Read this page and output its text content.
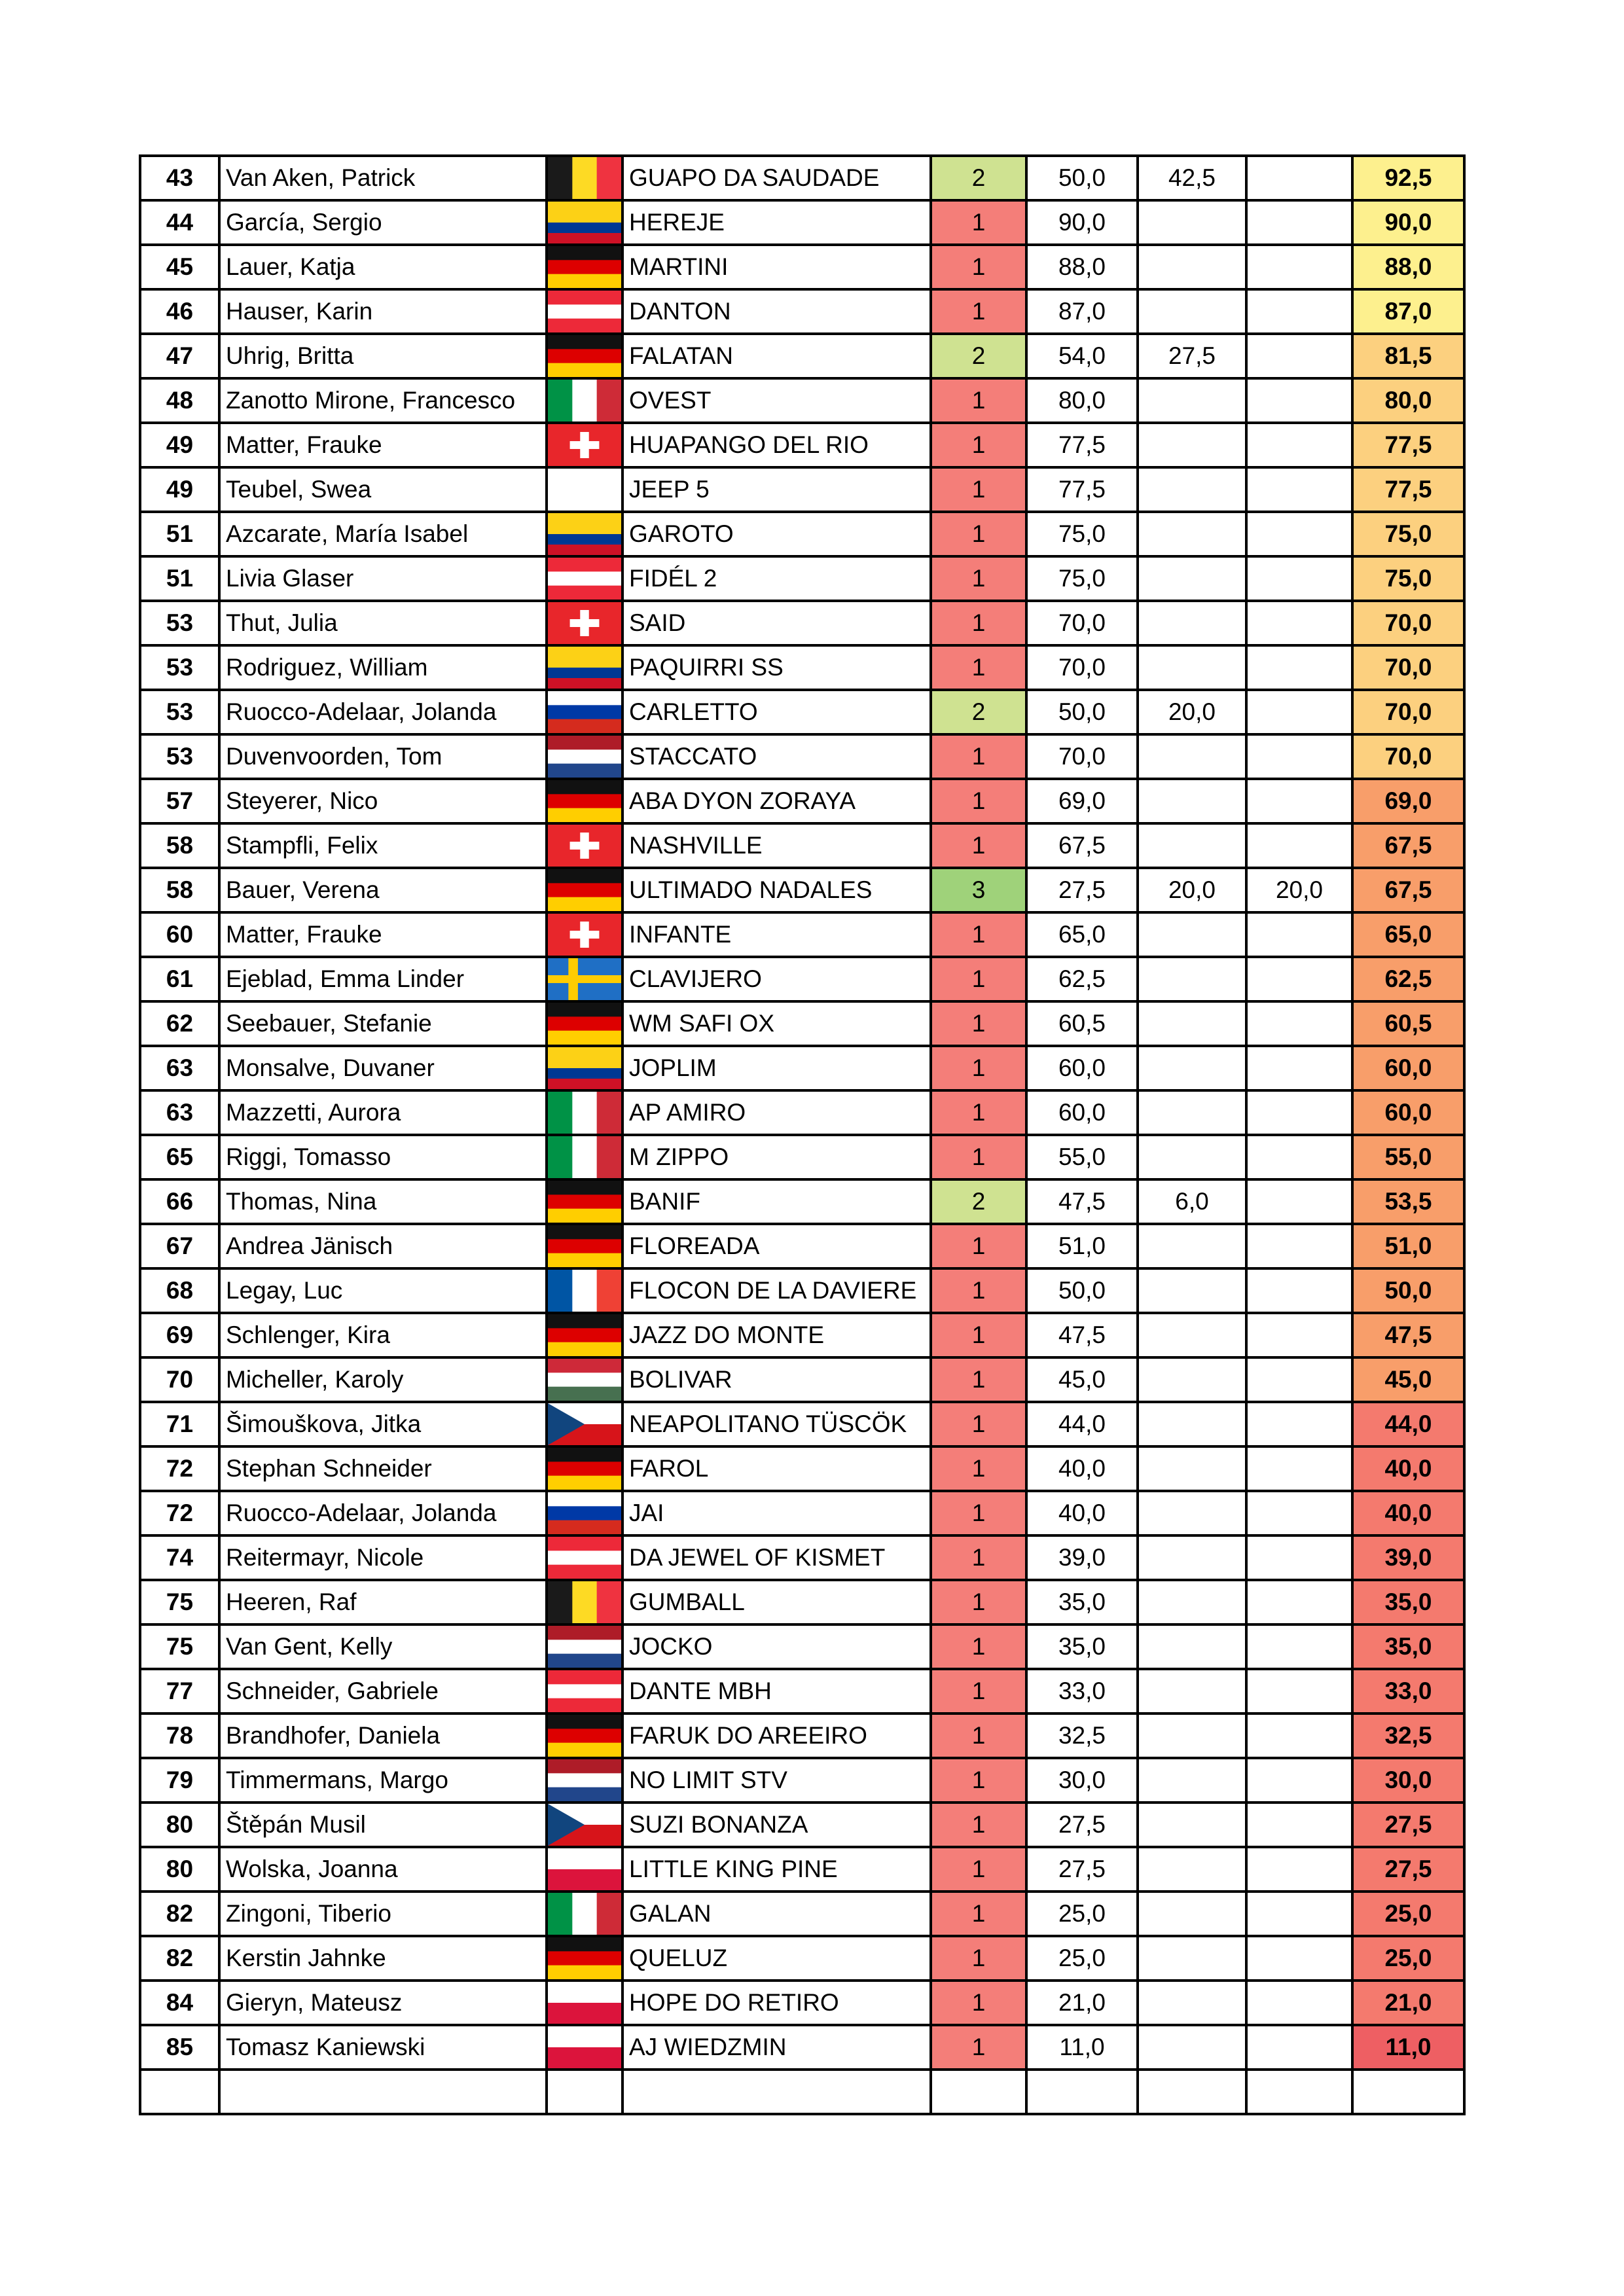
43	Van Aken, Patrick		GUAPO DA SAUDADE	2	50,0	42,5		92,5
44	García, Sergio		HEREJE	1	90,0			90,0
45	Lauer, Katja		MARTINI	1	88,0			88,0
46	Hauser, Karin		DANTON	1	87,0			87,0
47	Uhrig, Britta		FALATAN	2	54,0	27,5		81,5
48	Zanotto Mirone, Francesco		OVEST	1	80,0			80,0
49	Matter, Frauke		HUAPANGO DEL RIO	1	77,5			77,5
49	Teubel, Swea		JEEP 5	1	77,5			77,5
51	Azcarate, María Isabel		GAROTO	1	75,0			75,0
51	Livia Glaser		FIDÉL 2	1	75,0			75,0
53	Thut, Julia		SAID	1	70,0			70,0
53	Rodriguez, William		PAQUIRRI SS	1	70,0			70,0
53	Ruocco-Adelaar, Jolanda		CARLETTO	2	50,0	20,0		70,0
53	Duvenvoorden, Tom		STACCATO	1	70,0			70,0
57	Steyerer, Nico		ABA DYON ZORAYA	1	69,0			69,0
58	Stampfli, Felix		NASHVILLE	1	67,5			67,5
58	Bauer, Verena		ULTIMADO NADALES	3	27,5	20,0	20,0	67,5
60	Matter, Frauke		INFANTE	1	65,0			65,0
61	Ejeblad, Emma Linder		CLAVIJERO	1	62,5			62,5
62	Seebauer, Stefanie		WM SAFI OX	1	60,5			60,5
63	Monsalve, Duvaner		JOPLIM	1	60,0			60,0
63	Mazzetti, Aurora		AP AMIRO	1	60,0			60,0
65	Riggi, Tomasso		M ZIPPO	1	55,0			55,0
66	Thomas, Nina		BANIF	2	47,5	6,0		53,5
67	Andrea Jänisch		FLOREADA	1	51,0			51,0
68	Legay, Luc		FLOCON DE LA DAVIERE	1	50,0			50,0
69	Schlenger, Kira		JAZZ DO MONTE	1	47,5			47,5
70	Micheller, Karoly		BOLIVAR	1	45,0			45,0
71	Šimouškova, Jitka		NEAPOLITANO TÜSCÖK	1	44,0			44,0
72	Stephan Schneider		FAROL	1	40,0			40,0
72	Ruocco-Adelaar, Jolanda		JAI	1	40,0			40,0
74	Reitermayr, Nicole		DA JEWEL OF KISMET	1	39,0			39,0
75	Heeren, Raf		GUMBALL	1	35,0			35,0
75	Van Gent, Kelly		JOCKO	1	35,0			35,0
77	Schneider, Gabriele		DANTE MBH	1	33,0			33,0
78	Brandhofer, Daniela		FARUK DO AREEIRO	1	32,5			32,5
79	Timmermans, Margo		NO LIMIT STV	1	30,0			30,0
80	Štěpán Musil		SUZI BONANZA	1	27,5			27,5
80	Wolska, Joanna		LITTLE KING PINE	1	27,5			27,5
82	Zingoni, Tiberio		GALAN	1	25,0			25,0
82	Kerstin Jahnke		QUELUZ	1	25,0			25,0
84	Gieryn, Mateusz		HOPE DO RETIRO	1	21,0			21,0
85	Tomasz Kaniewski		AJ WIEDZMIN	1	11,0			11,0
